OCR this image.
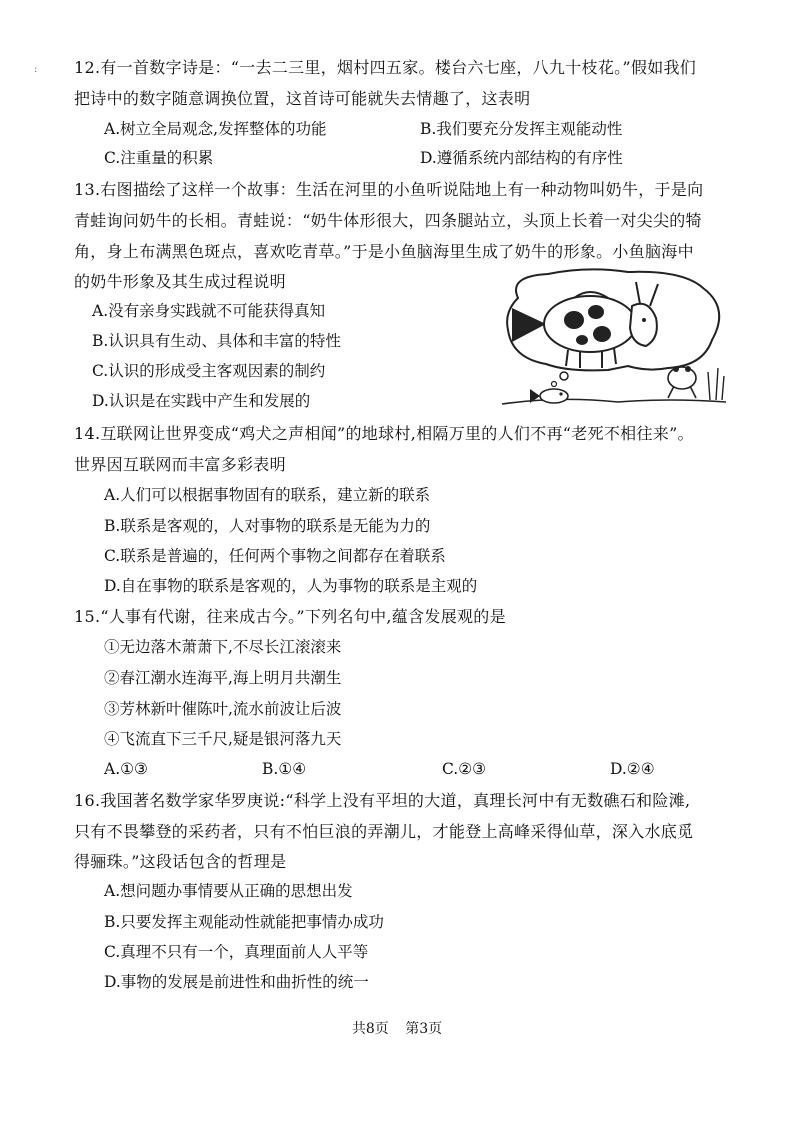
: 12.有一首数字诗是：“一去二三里，烟村四五家。楼台六七座，八九十枝花。”假如我们
把诗中的数字随意调换位置，这首诗可能就失去情趣了，这表明
A.树立全局观念,发挥整体的功能	B.我们要充分发挥主观能动性
C.注重量的积累	D.遵循系统内部结构的有序性
13.右图描绘了这样一个故事：生活在河里的小鱼听说陆地上有一种动物叫奶牛，于是向
青蛙询问奶牛的长相。青蛙说：“奶牛体形很大，四条腿站立，头顶上长着一对尖尖的犄
角，身上布满黑色斑点，喜欢吃青草。”于是小鱼脑海里生成了奶牛的形象。小鱼脑海中
的奶牛形象及其生成过程说明
A.没有亲身实践就不可能获得真知
B.认识具有生动、具体和丰富的特性
C.认识的形成受主客观因素的制约
D.认识是在实践中产生和发展的
14.互联网让世界变成“鸡犬之声相闻”的地球村,相隔万里的人们不再“老死不相往来”。
世界因互联网而丰富多彩表明
A.人们可以根据事物固有的联系，建立新的联系
B.联系是客观的，人对事物的联系是无能为力的
C.联系是普遍的，任何两个事物之间都存在着联系
D.自在事物的联系是客观的，人为事物的联系是主观的
15.“人事有代谢，往来成古今。”下列名句中,蕴含发展观的是
①无边落木萧萧下,不尽长江滚滚来
②春江潮水连海平,海上明月共潮生
③芳林新叶催陈叶,流水前波让后波
④飞流直下三千尺,疑是银河落九天
A.①③	B.①④	C.②③	D.②④
16.我国著名数学家华罗庚说:“科学上没有平坦的大道，真理长河中有无数礁石和险滩,
只有不畏攀登的采药者，只有不怕巨浪的弄潮儿，才能登上高峰采得仙草，深入水底觅
得骊珠。”这段话包含的哲理是
A.想问题办事情要从正确的思想出发
B.只要发挥主观能动性就能把事情办成功
C.真理不只有一个，真理面前人人平等
D.事物的发展是前进性和曲折性的统一
共8页 第3页
